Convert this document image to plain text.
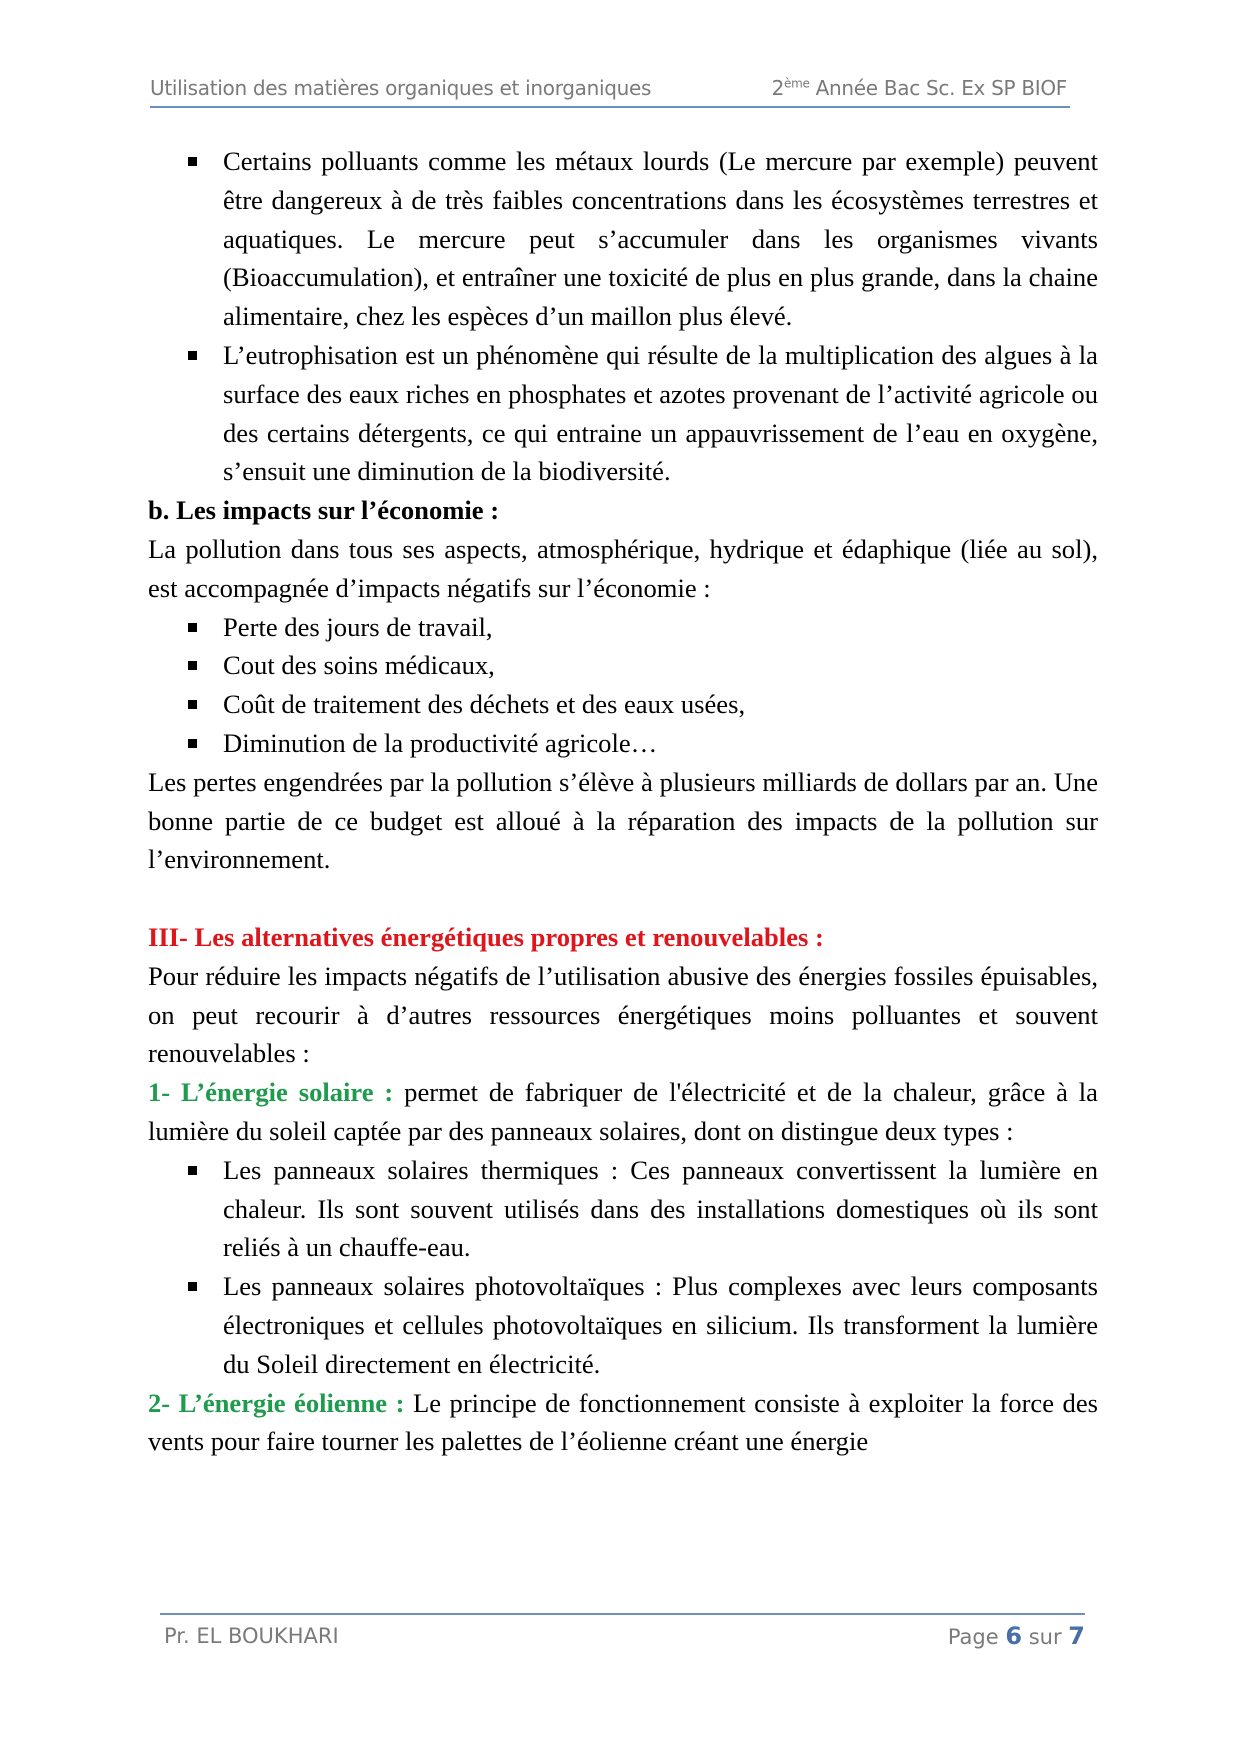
Utilisation des matières organiques et inorganiques	2ème Année Bac Sc. Ex SP BIOF
Certains polluants comme les métaux lourds (Le mercure par exemple) peuvent être dangereux à de très faibles concentrations dans les écosystèmes terrestres et aquatiques. Le mercure peut s’accumuler dans les organismes vivants (Bioaccumulation), et entraîner une toxicité de plus en plus grande, dans la chaine alimentaire, chez les espèces d’un maillon plus élevé.
L’eutrophisation est un phénomène qui résulte de la multiplication des algues à la surface des eaux riches en phosphates et azotes provenant de l’activité agricole ou des certains détergents, ce qui entraine un appauvrissement de l’eau en oxygène, s’ensuit une diminution de la biodiversité.

b. Les impacts sur l’économie :

La pollution dans tous ses aspects, atmosphérique, hydrique et édaphique (liée au sol), est accompagnée d’impacts négatifs sur l’économie :

Perte des jours de travail,
Cout des soins médicaux,
Coût de traitement des déchets et des eaux usées,
Diminution de la productivité agricole…

Les pertes engendrées par la pollution s’élève à plusieurs milliards de dollars par an. Une bonne partie de ce budget est alloué à la réparation des impacts de la pollution sur l’environnement.

III- Les alternatives énergétiques propres et renouvelables :

Pour réduire les impacts négatifs de l’utilisation abusive des énergies fossiles épuisables, on peut recourir à d’autres ressources énergétiques moins polluantes et souvent renouvelables :

1- L’énergie solaire : permet de fabriquer de l'électricité et de la chaleur, grâce à la lumière du soleil captée par des panneaux solaires, dont on distingue deux types :

Les panneaux solaires thermiques : Ces panneaux convertissent la lumière en chaleur. Ils sont souvent utilisés dans des installations domestiques où ils sont reliés à un chauffe-eau.
Les panneaux solaires photovoltaïques : Plus complexes avec leurs composants électroniques et cellules photovoltaïques en silicium. Ils transforment la lumière du Soleil directement en électricité.

2- L’énergie éolienne : Le principe de fonctionnement consiste à exploiter la force des vents pour faire tourner les palettes de l’éolienne créant une énergie

Pr. EL BOUKHARI	Page 6 sur 7
